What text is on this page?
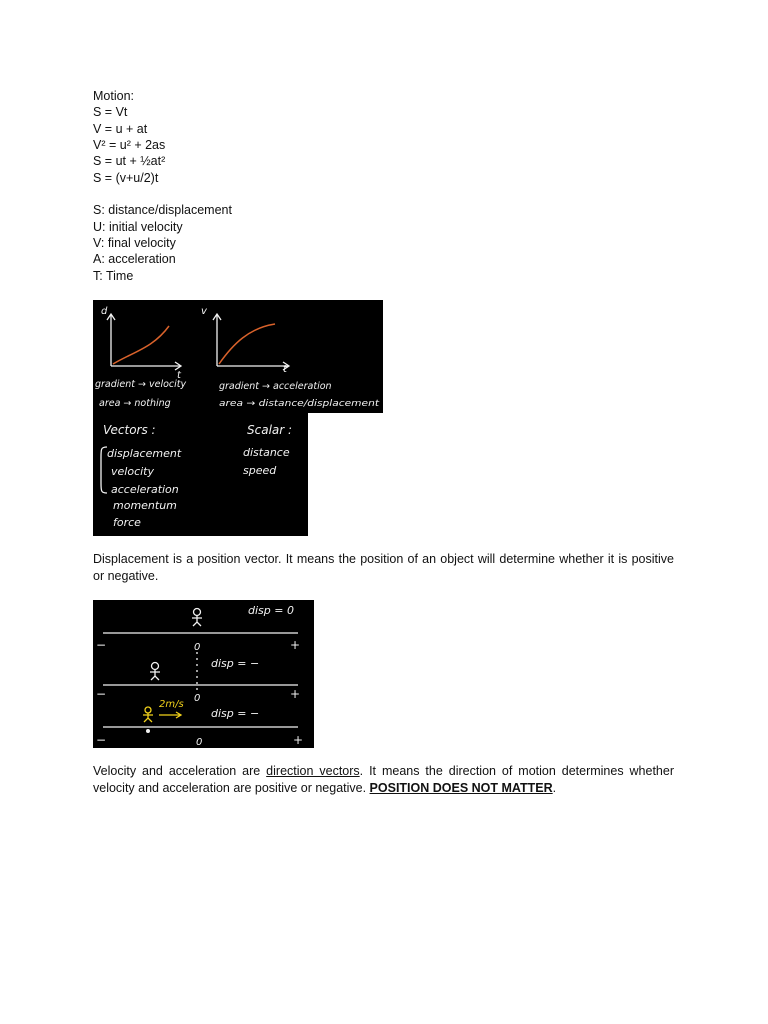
Motion:
S = Vt
V = u + at
V² = u² + 2as
S = ut + ½at²
S = (v+u/2)t
S: distance/displacement
U: initial velocity
V: final velocity
A: acceleration
T: Time
d
t
gradient → velocity
area → nothing
v
t
gradient → acceleration
area → distance/displacement
Vectors :
displacement
velocity
acceleration
momentum
force
Scalar :
distance
speed
Displacement is a position vector. It means the position of an object will determine whether it is positive or negative.
2m/s
0
0
0
disp = 0
disp = −
disp = −
−	+
−	+
−	+
Velocity and acceleration are direction vectors. It means the direction of motion determines whether velocity and acceleration are positive or negative. POSITION DOES NOT MATTER.
